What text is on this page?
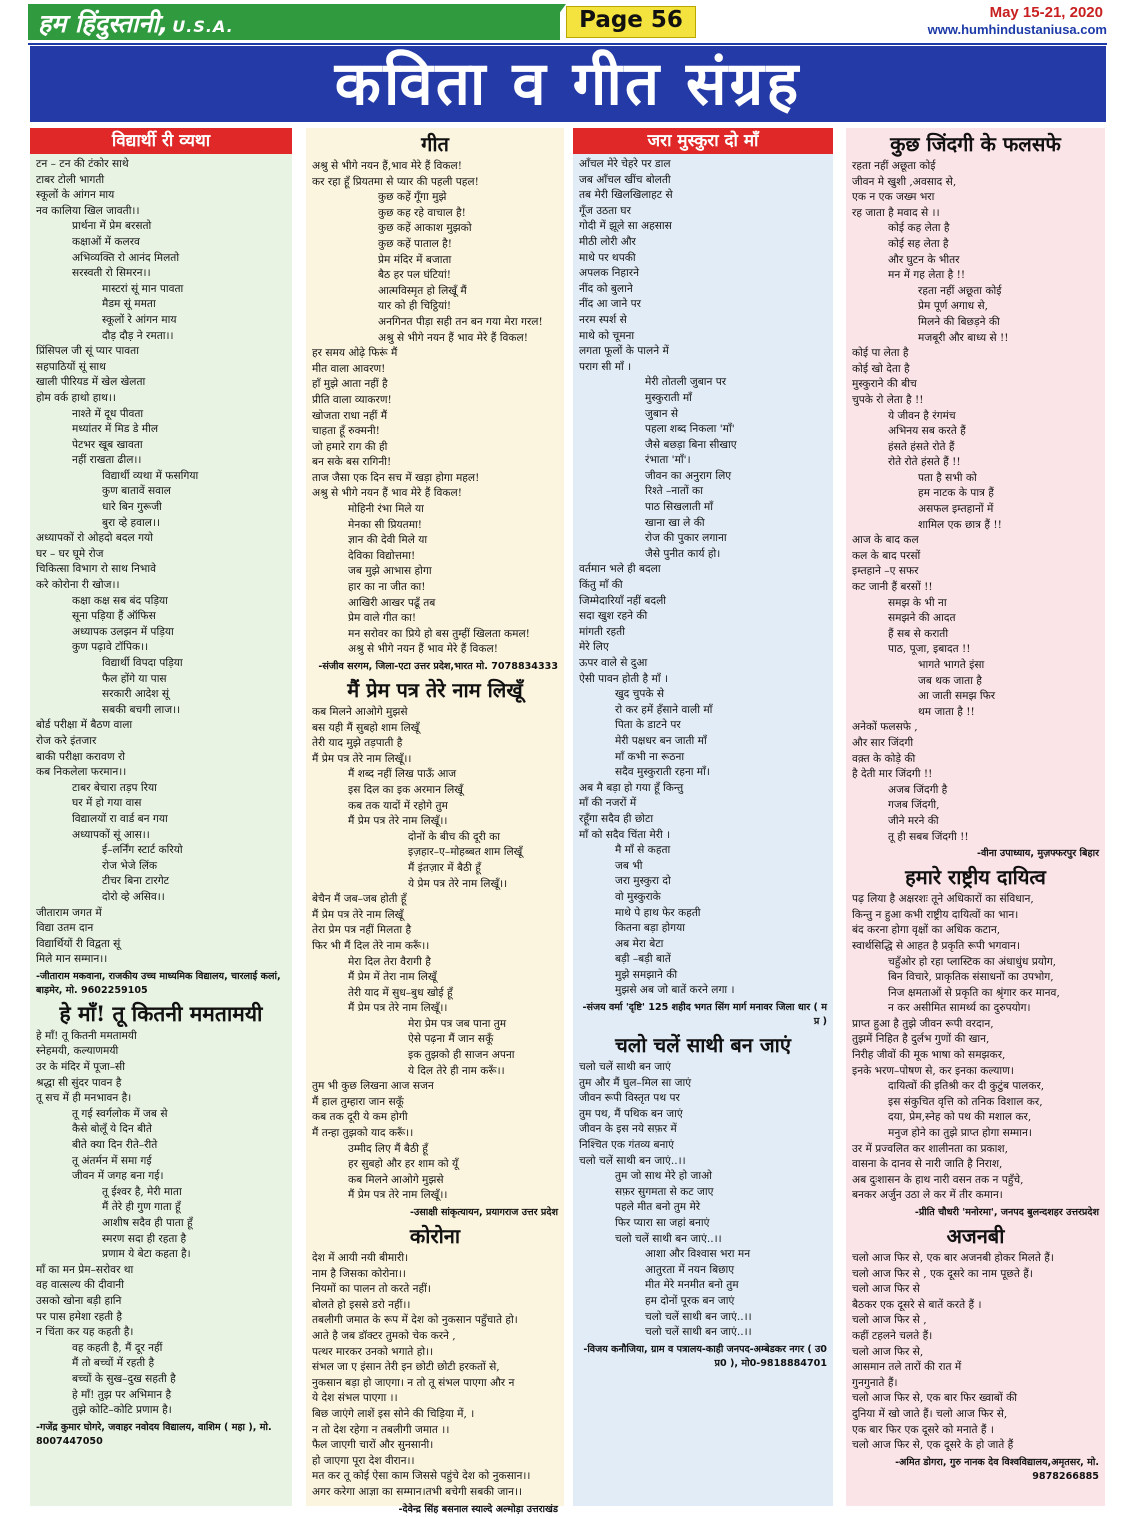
हम हिंदुस्तानी, U.S.A.	Page 56	May 15-21, 2020
www.humhindustaniusa.com
कविता व गीत संग्रह
विद्यार्थी री व्यथा
टन – टन की टंकोर साथे
टाबर टोली भागती
स्कूलों के आंगन माय
नव कालिया खिल जावती।।
प्रार्थना में प्रेम बरसतो
कक्षाओं में कलरव
अभिव्यक्ति रो आनंद मिलतो
सरस्वती रो सिमरन।।
मास्टरां सूं मान पावता
मैडम सूं ममता
स्कूलों रे आंगन माय
दौड़ दौड़ ने रमता।।
प्रिंसिपल जी सूं प्यार पावता
सहपाठियों सूं साथ
खाली पीरियड में खेल खेलता
होम वर्क हाथो हाथ।।
नाश्ते में दूध पीवता
मध्यांतर में मिड डे मील
पेटभर खूब खावता
नहीं राखता ढील।।
विद्यार्थी व्यथा में फसगिया
कुण बातावें सवाल
धारे बिन गुरूजी
बुरा व्हे हवाल।।
अध्यापकों रो ओहदो बदल गयो
घर – घर घूमे रोज
चिकित्सा विभाग रो साथ निभावे
करे कोरोना री खोज।।
कक्षा कक्ष सब बंद पड़िया
सूना पड़िया हैं ऑफिस
अध्यापक उलझन में पड़िया
कुण पढ़ावे टॉपिक।।
विद्यार्थी विपदा पड़िया
फैल होंगे या पास
सरकारी आदेश सूं
सबकी बचगी लाज।।
बोर्ड परीक्षा में बैठण वाला
रोज करे इंतजार
बाकी परीक्षा करावण रो
कब निकलेला फरमान।।
टाबर बेचारा तड़प रिया
घर में हो गया वास
विद्यालयों रा वार्ड बन गया
अध्यापकों सूं आस।।
ई–लर्निंग स्टार्ट करियो
रोज भेजे लिंक
टीचर बिना टारगेट
दोरो व्हे असिव।।
जीताराम जगत में
विद्या उतम दान
विद्यार्थियों री विद्वता सूं
मिले मान सम्मान।।
-जीताराम मकवाना, राजकीय उच्च माध्यमिक विद्यालय, चारलाई कलां, बाड़मेर, मो. 9602259105
हे माँ! तू कितनी ममतामयी
हे माँ! तू कितनी ममतामयी
स्नेहमयी, कल्याणमयी
उर के मंदिर में पूजा–सी
श्रद्धा सी सुंदर पावन है
तू सच में ही मनभावन है।
तू गई स्वर्गलोक में जब से
कैसे बोलूँ ये दिन बीते
बीते क्या दिन रीते–रीते
तू अंतर्मन में समा गई
जीवन में जगह बना गई।
तू ईश्वर है, मेरी माता
मैं तेरे ही गुण गाता हूँ
आशीष सदैव ही पाता हूँ
स्मरण सदा ही रहता है
प्रणाम ये बेटा कहता है।
माँ का मन प्रेम–सरोवर था
वह वात्सल्य की दीवानी
उसको खोना बड़ी हानि
पर पास हमेशा रहती है
न चिंता कर यह कहती है।
वह कहती है, मैं दूर नहीं
मैं तो बच्चों में रहती है
बच्चों के सुख–दुख सहती है
हे माँ! तुझ पर अभिमान है
तुझे कोटि–कोटि प्रणाम है।
-गजेंद्र कुमार घोगरे, जवाहर नवोदय विद्यालय, वाशिम ( महा ), मो. 8007447050
गीत
अश्रु से भीगे नयन हैं,भाव मेरे हैं विकल!
कर रहा हूँ प्रियतमा से प्यार की पहली पहल!
कुछ कहें गूँगा मुझे
कुछ कह रहे वाचाल है!
कुछ कहें आकाश मुझको
कुछ कहें पाताल है!
प्रेम मंदिर में बजाता
बैठ हर पल घंटियां!
आत्मविस्मृत हो लिखूँ मैं
यार को ही चिट्ठियां!
अनगिनत पीड़ा सही तन बन गया मेरा गरल!
अश्रु से भीगे नयन हैं भाव मेरे हैं विकल!
हर समय ओढ़े फिरूं मैं
मीत वाला आवरण!
हाँ मुझे आता नहीं है
प्रीति वाला व्याकरण!
खोजता राधा नहीं मैं
चाहता हूँ रुक्मनी!
जो हमारे राग की ही
बन सके बस रागिनी!
ताज जैसा एक दिन सच में खड़ा होगा महल!
अश्रु से भीगे नयन हैं भाव मेरे हैं विकल!
मोहिनी रंभा मिले या
मेनका सी प्रियतमा!
ज्ञान की देवी मिले या
देविका विद्योत्तमा!
जब मुझे आभास होगा
हार का ना जीत का!
आखिरी आखर पढूँ तब
प्रेम वाले गीत का!
मन सरोवर का प्रिये हो बस तुम्हीं खिलता कमल!
अश्रु से भीगे नयन हैं भाव मेरे हैं विकल!
-संजीव सरगम, जिला-एटा उत्तर प्रदेश,भारत मो. 7078834333
मैं प्रेम पत्र तेरे नाम लिखूँ
कब मिलने आओगे मुझसे
बस यही मैं सुबहो शाम लिखूँ
तेरी याद मुझे तड़पाती है
मैं प्रेम पत्र तेरे नाम लिखूँ।।
मैं शब्द नहीं लिख पाऊँ आज
इस दिल का इक अरमान लिखूँ
कब तक यादों में रहोगे तुम
मैं प्रेम पत्र तेरे नाम लिखूँ।।
दोनों के बीच की दूरी का
इज़हार–ए–मोहब्बत शाम लिखूँ
मैं इंतज़ार में बैठी हूँ
ये प्रेम पत्र तेरे नाम लिखूँ।।
बेचैन मैं जब–जब होती हूँ
मैं प्रेम पत्र तेरे नाम लिखूँ
तेरा प्रेम पत्र नहीं मिलता है
फिर भी मैं दिल तेरे नाम करूँ।।
मेरा दिल तेरा वैरागी है
मैं प्रेम में तेरा नाम लिखूँ
तेरी याद में सुध–बुध खोई हूँ
मैं प्रेम पत्र तेरे नाम लिखूँ।।
मेरा प्रेम पत्र जब पाना तुम
ऐसे पढ़ना मैं जान सकूँ
इक तुझको ही साजन अपना
ये दिल तेरे ही नाम करूँ।।
तुम भी कुछ लिखना आज सजन
मैं हाल तुम्हारा जान सकूँ
कब तक दूरी ये कम होगी
मैं तन्हा तुझको याद करूँ।।
उम्मीद लिए मैं बैठी हूँ
हर सुबहो और हर शाम को यूँ
कब मिलने आओगे मुझसे
मैं प्रेम पत्र तेरे नाम लिखूँ।।
-उसाक्षी सांकृत्यायन, प्रयागराज उत्तर प्रदेश
कोरोना
देश में आयी नयी बीमारी।
नाम है जिसका कोरोना।।
नियमों का पालन तो करते नहीं।
बोलते हो इससे डरो नहीं।।
तबलीगी जमात के रूप में देश को नुकसान पहुँचाते हो।
आते है जब डॉक्टर तुमको चेक करने ,
पत्थर मारकर उनको भगाते हो।।
संभल जा ए इंसान तेरी इन छोटी छोटी हरकतों से,
नुकसान बड़ा हो जाएगा। न तो तू संभल पाएगा और न
ये देश संभल पाएगा ।।
बिछ जाएंगे लाशें इस सोने की चिड़िया में, ।
न तो देश रहेगा न तबलीगी जमात ।।
फैल जाएगी चारों और सुनसानी।
हो जाएगा पूरा देश वीरान।।
मत कर तू कोई ऐसा काम जिससे पहुंचे देश को नुकसान।।
अगर करेगा आज्ञा का सम्मान।तभी बचेगी सबकी जान।।
-देवेन्द्र सिंह बसनाल स्याल्दे अल्मोड़ा उत्तराखंड
जरा मुस्कुरा दो माँ
आँचल मेरे चेहरे पर डाल
जब आँचल खींच बोलती
तब मेरी खिलखिलाहट से
गूँज उठता घर
गोदी में झूले सा अहसास
मीठी लोरी और
माथे पर थपकी
अपलक निहारने
नींद को बुलाने
नींद आ जाने पर
नरम स्पर्श से
माथे को चूमना
लगता फूलों के पालने में
पराग सी माँ ।
मेरी तोतली जुबान पर
मुस्कुराती माँ
जुबान से
पहला शब्द निकला 'माँ'
जैसे बछड़ा बिना सीखाए
रंभाता 'माँ'।
जीवन का अनुराग लिए
रिश्ते –नातों का
पाठ सिखलाती माँ
खाना खा ले की
रोज की पुकार लगाना
जैसे पुनीत कार्य हो।
वर्तमान भले ही बदला
किंतु माँ की
जिम्मेदारियाँ नहीं बदली
सदा खुश रहने की
मांगती रहती
मेरे लिए
ऊपर वाले से दुआ
ऐसी पावन होती है माँ ।
खुद चुपके से
रो कर हमें हँसाने वाली माँ
पिता के डाटने पर
मेरी पक्षधर बन जाती माँ
माँ कभी ना रूठना
सदैव मुस्कुराती रहना माँ।
अब मै बड़ा हो गया हूँ किन्तु
माँ की नजरों में
रहूँगा सदैव ही छोटा
माँ को सदैव चिंता मेरी ।
मै माँ से कहता
जब भी
जरा मुस्कुरा दो
वो मुस्कुराके
माथे पे हाथ फेर कहती
कितना बड़ा होगया
अब मेरा बेटा
बड़ी –बड़ी बातें
मुझे समझाने की
मुझसे अब जो बातें करने लगा ।
-संजय वर्मा 'दृष्टि' 125 शहीद भगत सिंग मार्ग मनावर जिला धार ( म प्र )
चलो चलें साथी बन जाएं
चलो चलें साथी बन जाएं
तुम और मैं घुल–मिल सा जाएं
जीवन रूपी विस्तृत पथ पर
तुम पथ, मैं पथिक बन जाएं
जीवन के इस नये सफ़र में
निश्चित एक गंतव्य बनाएं
चलो चलें साथी बन जाएं..।।
तुम जो साथ मेरे हो जाओ
सफ़र सुगमता से कट जाए
पहले मीत बनो तुम मेरे
फिर प्यारा सा जहां बनाएं
चलो चलें साथी बन जाएं..।।
आशा और विश्वास भरा मन
आतुरता में नयन बिछाए
मीत मेरे मनमीत बनो तुम
हम दोनों पूरक बन जाएं
चलो चलें साथी बन जाएं..।।
चलो चलें साथी बन जाएं..।।
-विजय कनौजिया, ग्राम व पत्रालय-काही जनपद-अम्बेडकर नगर ( उ0 प्र0 ), मो0-9818884701
कुछ जिंदगी के फलसफे
रहता नहीं अछूता कोई
जीवन मे खुशी ,अवसाद से,
एक न एक जख्म भरा
रह जाता है मवाद से ।।
कोई कह लेता है
कोई सह लेता है
और घुटन के भीतर
मन में गह लेता है !!
रहता नहीं अछूता कोई
प्रेम पूर्ण अगाध से,
मिलने की बिछड़ने की
मजबूरी और बाध्य से !!
कोई पा लेता है
कोई खो देता है
मुस्कुराने की बीच
चुपके रो लेता है !!
ये जीवन है रंगमंच
अभिनय सब करते हैं
हंसते हंसते रोते हैं
रोते रोते हंसते हैं !!
पता है सभी को
हम नाटक के पात्र हैं
असफल इम्तहानों में
शामिल एक छात्र हैं !!
आज के बाद कल
कल के बाद परसों
इम्तहाने –ए सफर
कट जानी हैं बरसों !!
समझ के भी ना
समझने की आदत
हैं सब से कराती
पाठ, पूजा, इबादत !!
भागते भागते इंसा
जब थक जाता है
आ जाती समझ फिर
थम जाता है !!
अनेकों फलसफे ,
और सार जिंदगी
वक़्त के कोड़े की
है देती मार जिंदगी !!
अजब जिंदगी है
गजब जिंदगी,
जीने मरने की
तू ही सबब जिंदगी !!
-वीना उपाध्याय, मुज़फ्फरपुर बिहार
हमारे राष्ट्रीय दायित्व
पढ़ लिया है अक्षरशः तूने अधिकारों का संविधान,
किन्तु न हुआ कभी राष्ट्रीय दायित्वों का भान।
बंद करना होगा वृक्षों का अधिक कटान,
स्वार्थसिद्धि से आहत है प्रकृति रूपी भगवान।
चहुँओर हो रहा प्लास्टिक का अंधाधुंध प्रयोग,
बिन विचारे, प्राकृतिक संसाधनों का उपभोग,
निज क्षमताओं से प्रकृति का श्रृंगार कर मानव,
न कर असीमित सामर्थ्य का दुरुपयोग।
प्राप्त हुआ है तुझे जीवन रूपी वरदान,
तुझमें निहित है दुर्लभ गुणों की खान,
निरीह जीवों की मूक भाषा को समझकर,
इनके भरण–पोषण से, कर इनका कल्याण।
दायित्वों की इतिश्री कर दी कुटुंब पालकर,
इस संकुचित वृत्ति को तनिक विशाल कर,
दया, प्रेम,स्नेह को पथ की मशाल कर,
मनुज होने का तुझे प्राप्त होगा सम्मान।
उर में प्रज्वलित कर शालीनता का प्रकाश,
वासना के दानव से नारी जाति है निराश,
अब दुःशासन के हाथ नारी वसन तक न पहुँचे,
बनकर अर्जुन उठा ले कर में तीर कमान।
-प्रीति चौधरी 'मनोरमा', जनपद बुलन्दशहर उत्तरप्रदेश
अजनबी
चलो आज फिर से, एक बार अजनबी होकर मिलते हैं।
चलो आज फिर से , एक दूसरे का नाम पूछते हैं।
चलो आज फिर से
बैठकर एक दूसरे से बातें करते हैं ।
चलो आज फिर से ,
कहीं टहलने चलते हैं।
चलो आज फिर से,
आसमान तले तारों की रात में
गुनगुनाते हैं।
चलो आज फिर से, एक बार फिर ख्वाबों की
दुनिया में खो जाते हैं। चलो आज फिर से,
एक बार फिर एक दूसरे को मनाते हैं ।
चलो आज फिर से, एक दूसरे के हो जाते हैं
-अमित डोगरा, गुरु नानक देव विश्वविद्यालय,अमृतसर, मो. 9878266885
